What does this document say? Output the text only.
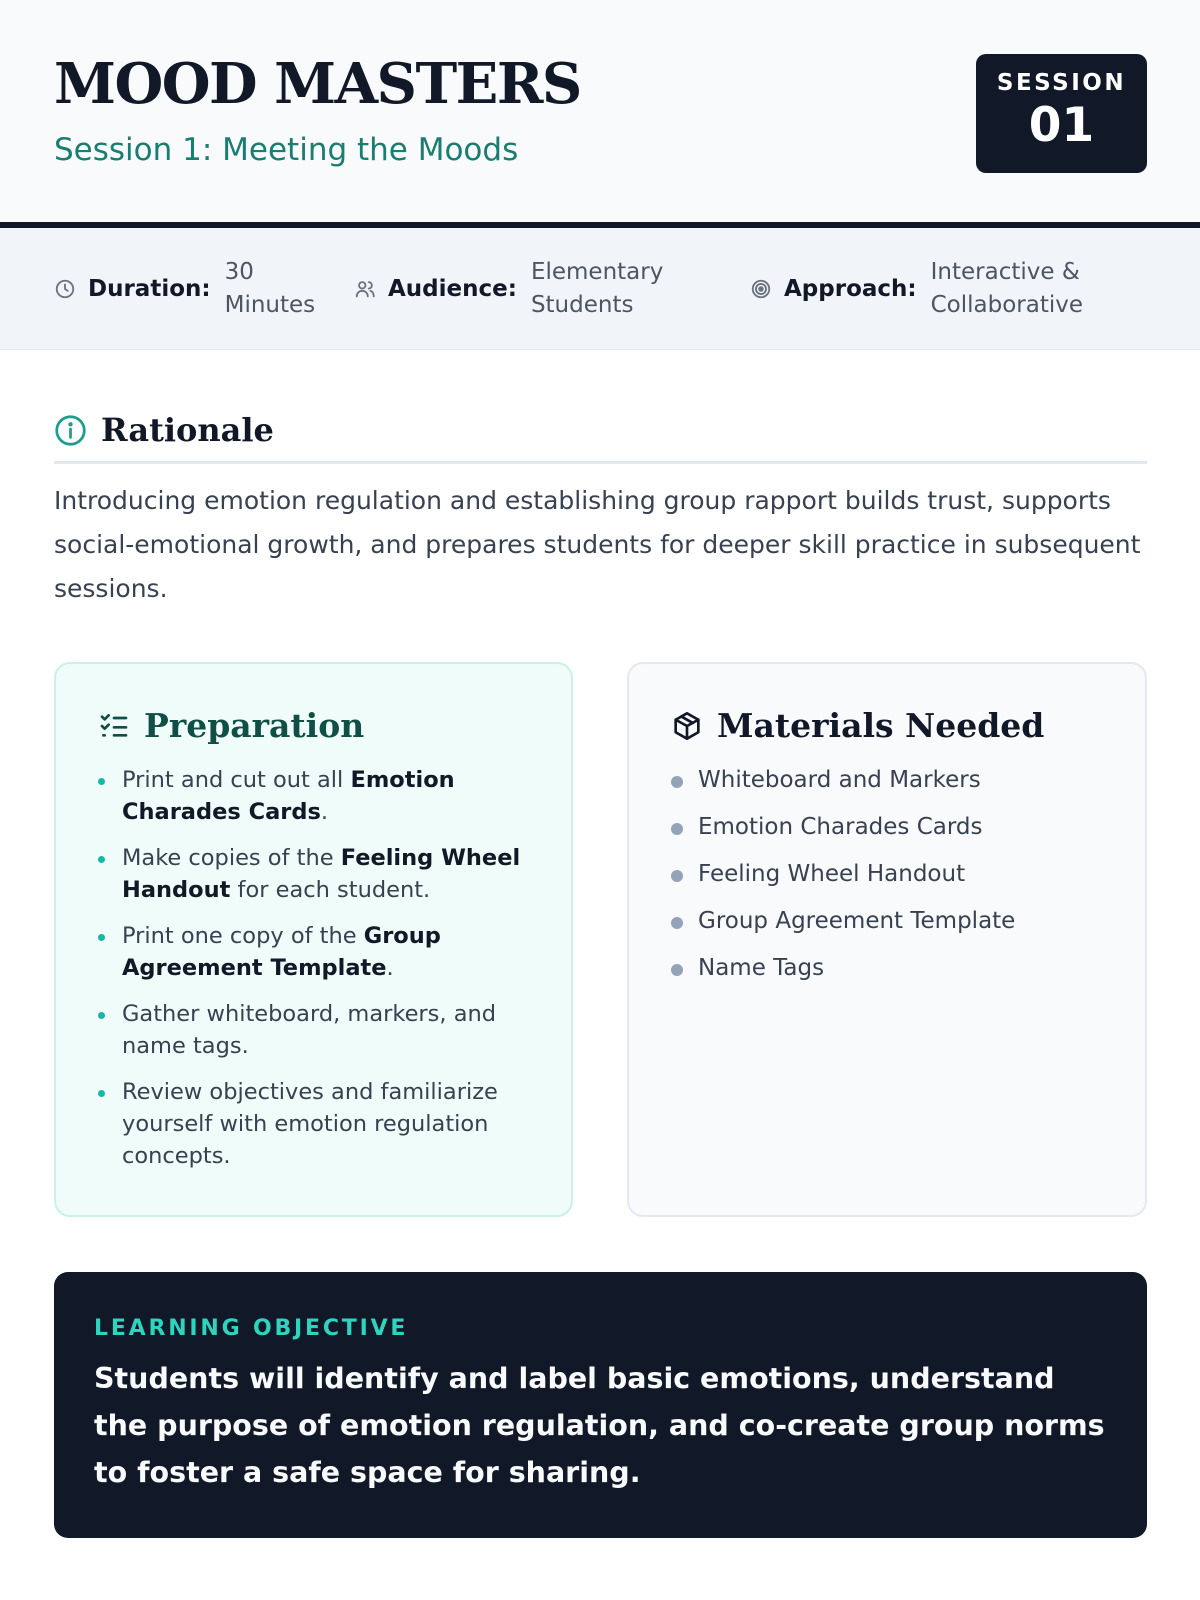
MOOD MASTERS
Session 1: Meeting the Moods
SESSION
01
Duration:
30
Minutes
Audience:
Elementary
Students
Approach:
Interactive &
Collaborative
Rationale

Introducing emotion regulation and establishing group rapport builds trust, supports social-emotional growth, and prepares students for deeper skill practice in subsequent sessions.

Preparation
Print and cut out all Emotion Charades Cards.
Make copies of the Feeling Wheel Handout for each student.
Print one copy of the Group Agreement Template.
Gather whiteboard, markers, and name tags.
Review objectives and familiarize yourself with emotion regulation concepts.
Materials Needed
Whiteboard and Markers
Emotion Charades Cards
Feeling Wheel Handout
Group Agreement Template
Name Tags
LEARNING OBJECTIVE
Students will identify and label basic emotions, understand the purpose of emotion regulation, and co-create group norms to foster a safe space for sharing.
